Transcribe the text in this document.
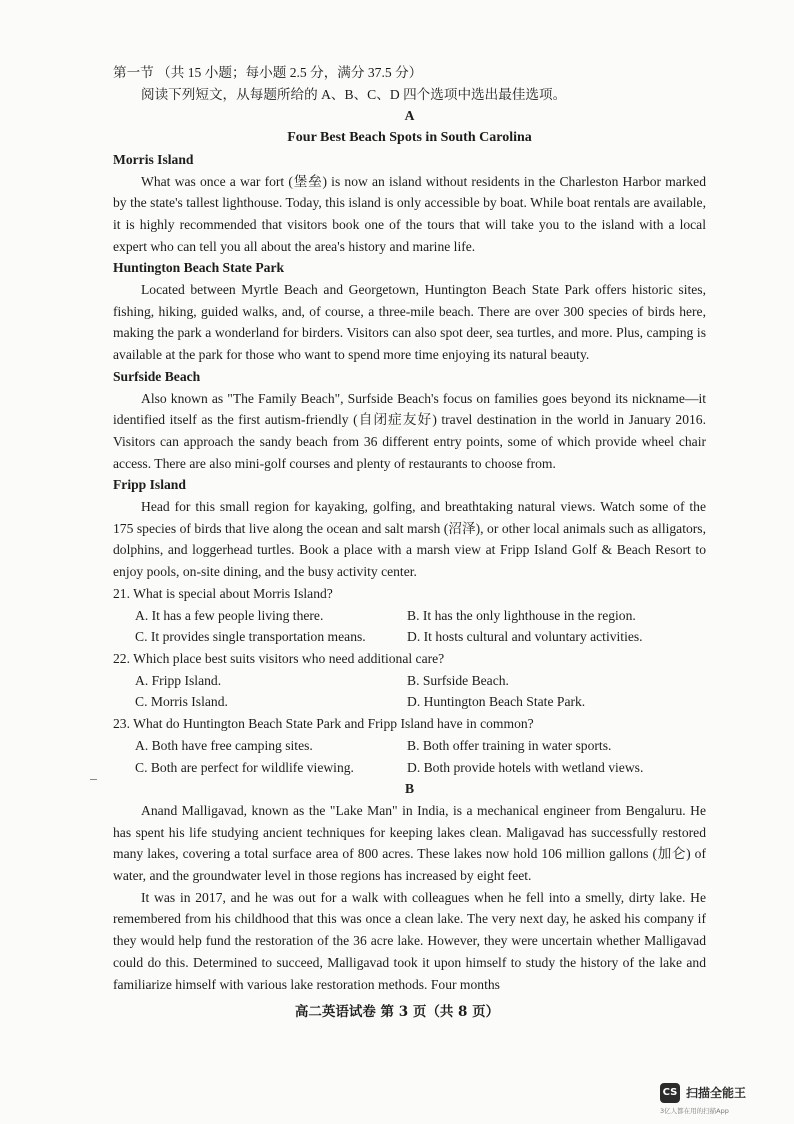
第一节 （共 15 小题；每小题 2.5 分，满分 37.5 分）

阅读下列短文，从每题所给的 A、B、C、D 四个选项中选出最佳选项。

A

Four Best Beach Spots in South Carolina

Morris Island

What was once a war fort (堡垒) is now an island without residents in the Charleston Harbor marked by the state's tallest lighthouse. Today, this island is only accessible by boat. While boat rentals are available, it is highly recommended that visitors book one of the tours that will take you to the island with a local expert who can tell you all about the area's history and marine life.

Huntington Beach State Park

Located between Myrtle Beach and Georgetown, Huntington Beach State Park offers historic sites, fishing, hiking, guided walks, and, of course, a three-mile beach. There are over 300 species of birds here, making the park a wonderland for birders. Visitors can also spot deer, sea turtles, and more. Plus, camping is available at the park for those who want to spend more time enjoying its natural beauty.

Surfside Beach

Also known as "The Family Beach", Surfside Beach's focus on families goes beyond its nickname—it identified itself as the first autism-friendly (自闭症友好) travel destination in the world in January 2016. Visitors can approach the sandy beach from 36 different entry points, some of which provide wheel chair access. There are also mini-golf courses and plenty of restaurants to choose from.

Fripp Island

Head for this small region for kayaking, golfing, and breathtaking natural views. Watch some of the 175 species of birds that live along the ocean and salt marsh (沼泽), or other local animals such as alligators, dolphins, and loggerhead turtles. Book a place with a marsh view at Fripp Island Golf & Beach Resort to enjoy pools, on-site dining, and the busy activity center.

21. What is special about Morris Island?

A. It has a few people living there.	B. It has the only lighthouse in the region.

C. It provides single transportation means.	D. It hosts cultural and voluntary activities.

22. Which place best suits visitors who need additional care?

A. Fripp Island.	B. Surfside Beach.

C. Morris Island.	D. Huntington Beach State Park.

23. What do Huntington Beach State Park and Fripp Island have in common?

A. Both have free camping sites.	B. Both offer training in water sports.

C. Both are perfect for wildlife viewing.	D. Both provide hotels with wetland views.

B

Anand Malligavad, known as the "Lake Man" in India, is a mechanical engineer from Bengaluru. He has spent his life studying ancient techniques for keeping lakes clean. Maligavad has successfully restored many lakes, covering a total surface area of 800 acres. These lakes now hold 106 million gallons (加仑) of water, and the groundwater level in those regions has increased by eight feet.

It was in 2017, and he was out for a walk with colleagues when he fell into a smelly, dirty lake. He remembered from his childhood that this was once a clean lake. The very next day, he asked his company if they would help fund the restoration of the 36 acre lake. However, they were uncertain whether Malligavad could do this. Determined to succeed, Malligavad took it upon himself to study the history of the lake and familiarize himself with various lake restoration methods. Four months

高二英语试卷 第 3 页（共 8 页）
CS 扫描全能王
3亿人都在用的扫描App
